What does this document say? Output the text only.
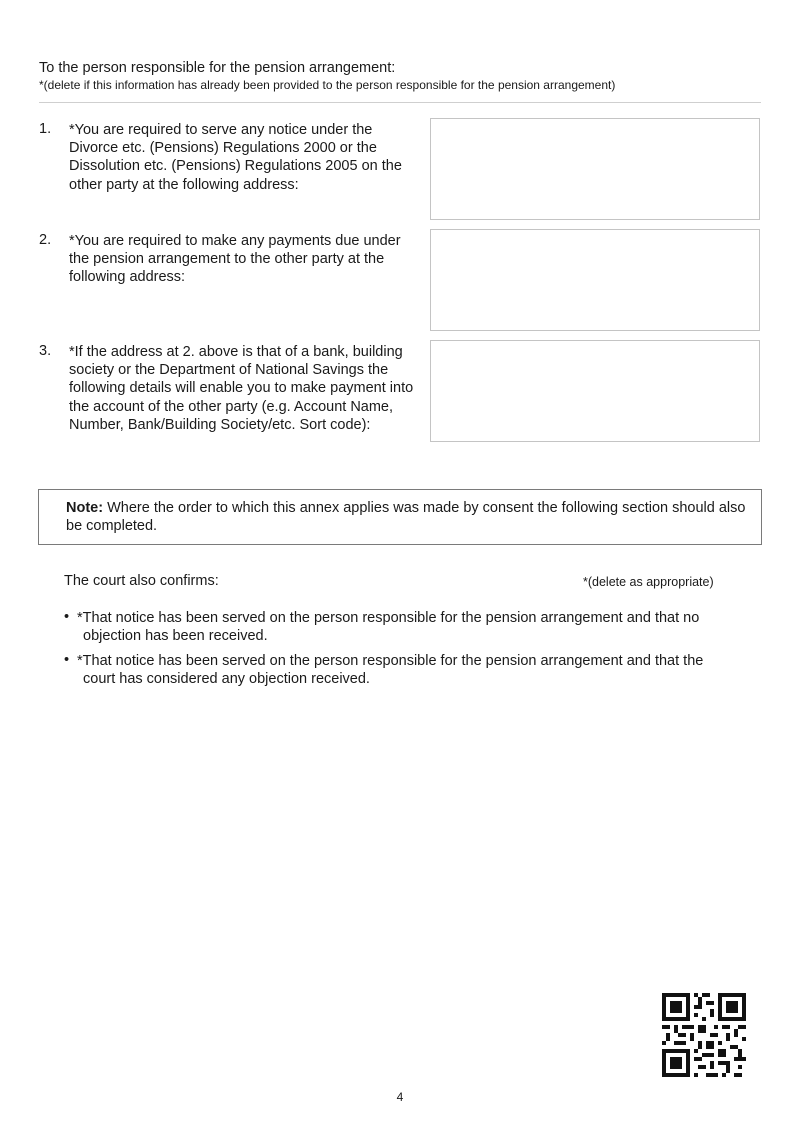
To the person responsible for the pension arrangement:
*(delete if this information has already been provided to the person responsible for the pension arrangement)
1. *You are required to serve any notice under the Divorce etc. (Pensions) Regulations 2000 or the Dissolution etc. (Pensions) Regulations 2005 on the other party at the following address:
2. *You are required to make any payments due under the pension arrangement to the other party at the following address:
3. *If the address at 2. above is that of a bank, building society or the Department of National Savings the following details will enable you to make payment into the account of the other party (e.g. Account Name, Number, Bank/Building Society/etc. Sort code):
Note: Where the order to which this annex applies was made by consent the following section should also be completed.
The court also confirms:	*(delete as appropriate)
• *That notice has been served on the person responsible for the pension arrangement and that no
objection has been received.
• *That notice has been served on the person responsible for the pension arrangement and that the
court has considered any objection received.
4
